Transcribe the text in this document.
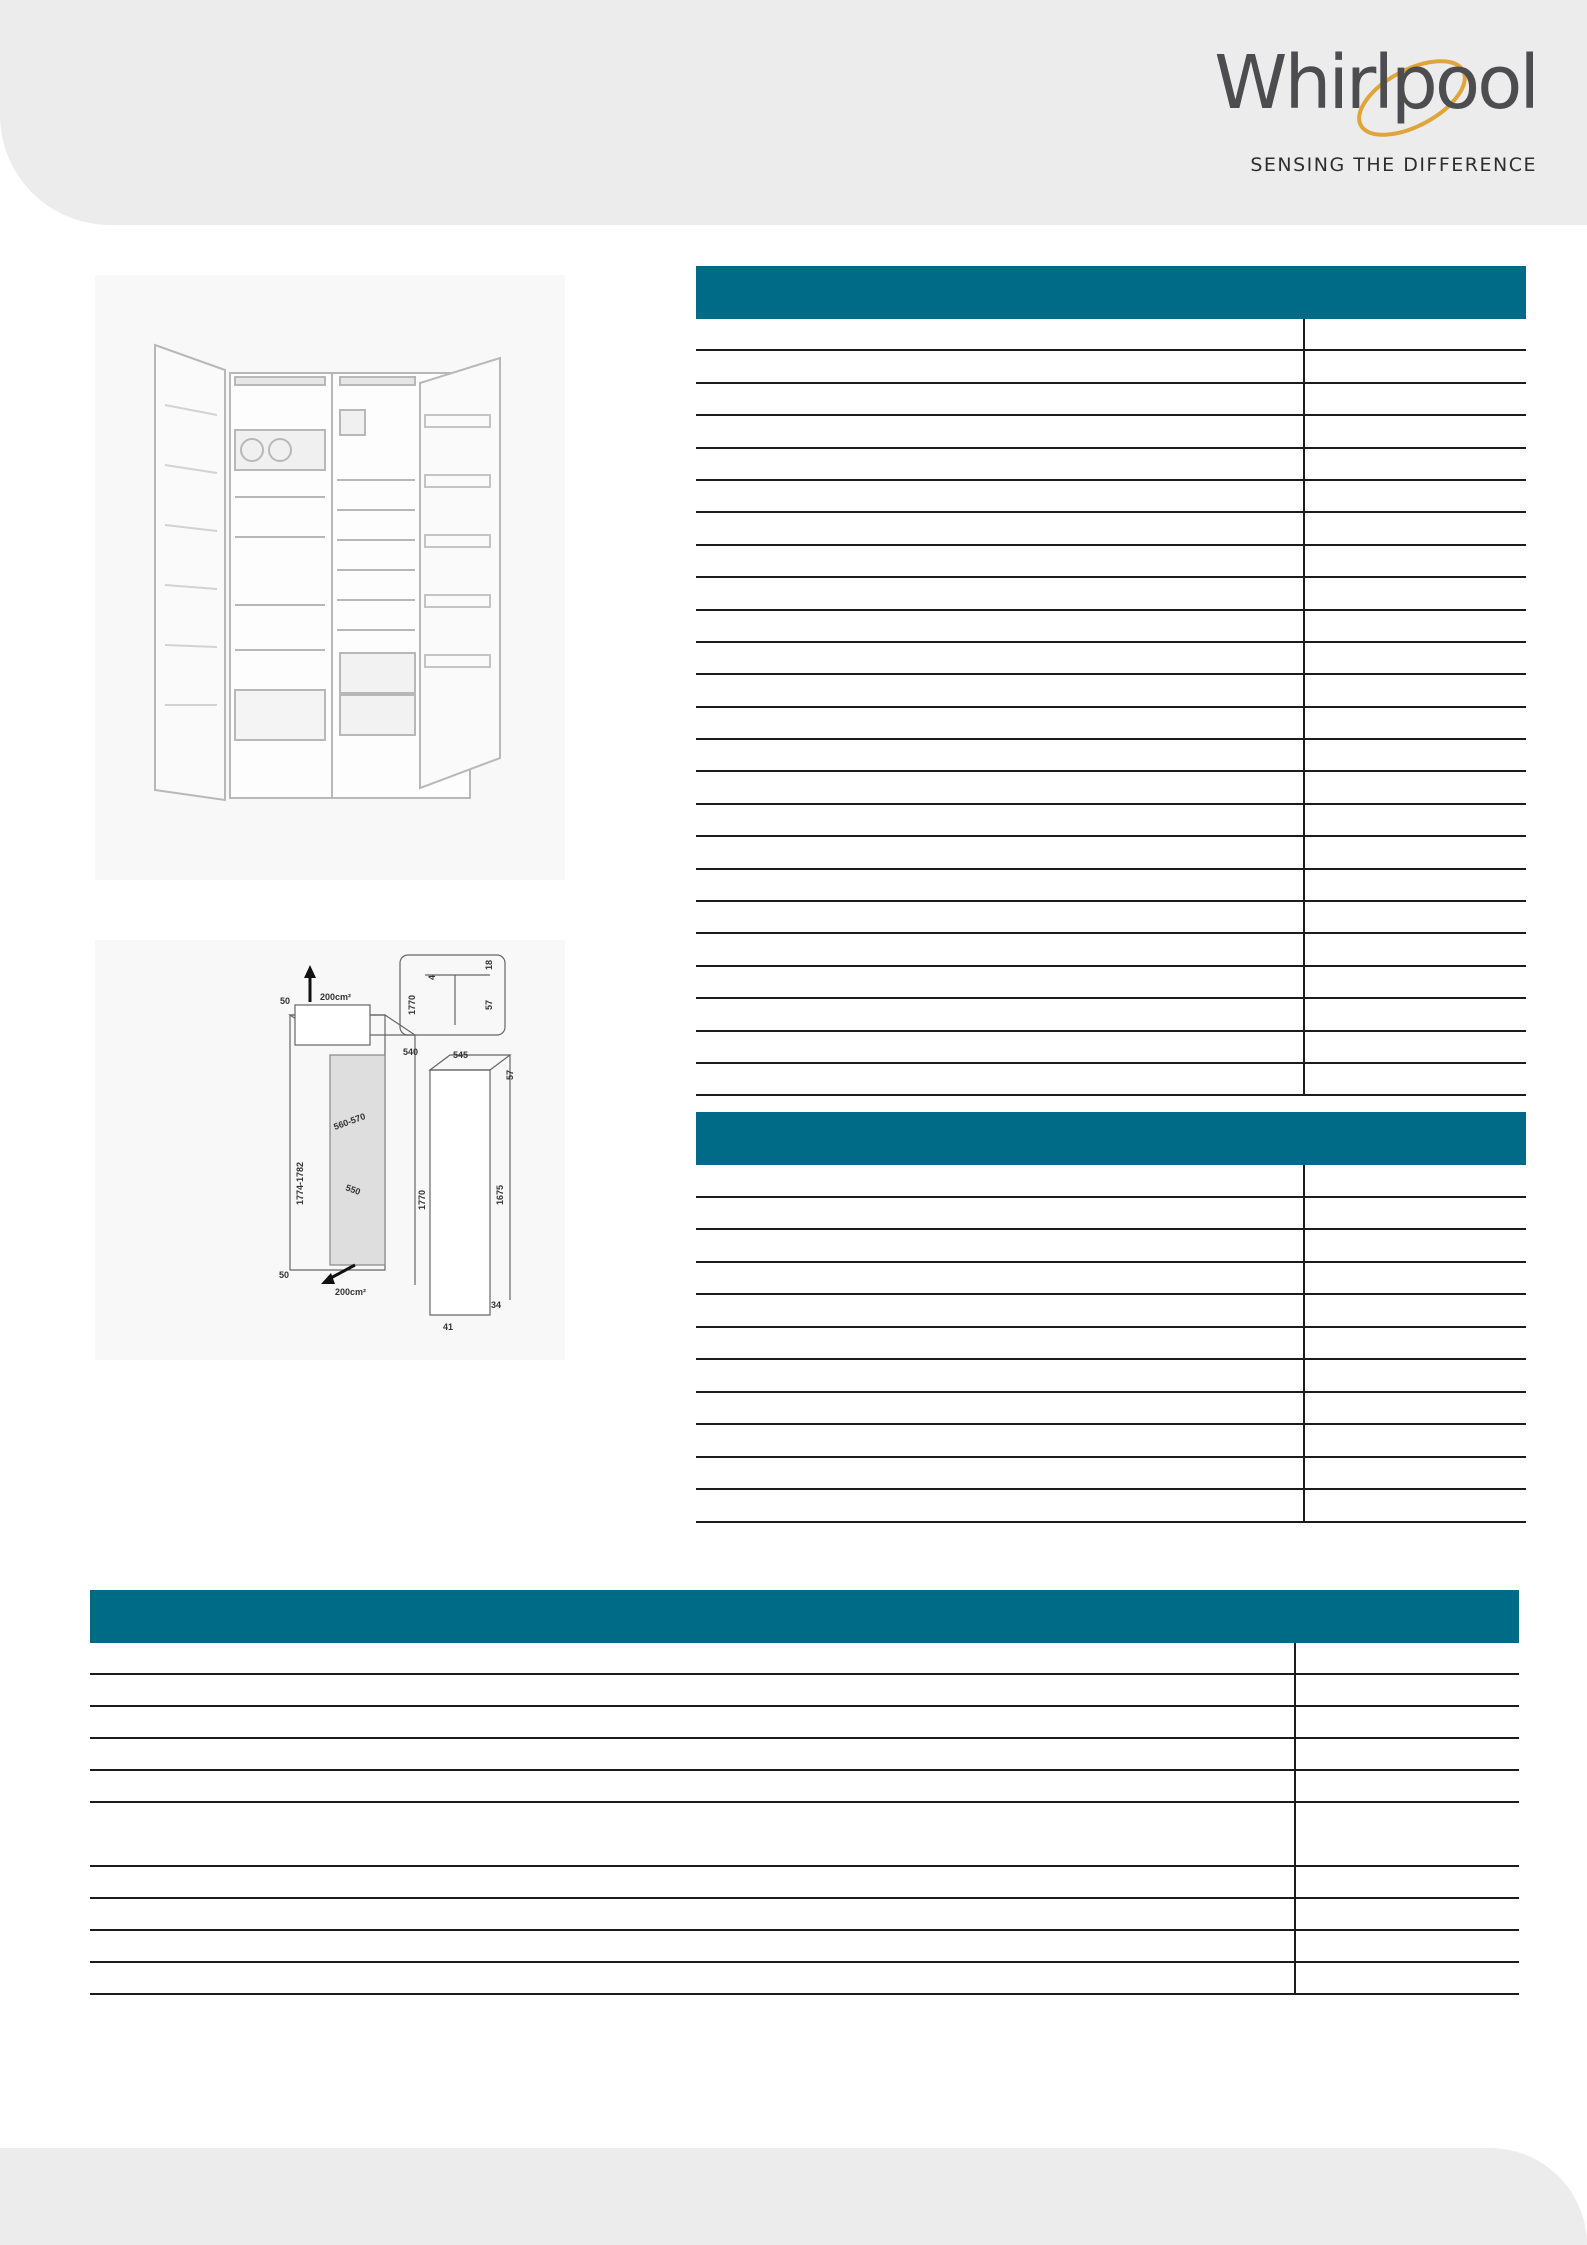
Whirlpool
SENSING THE DIFFERENCE
50	200cm²	1770
4
18
57
540	545
57
560-570
1774-1782	550
1770	1675
50
200cm²
34
41
